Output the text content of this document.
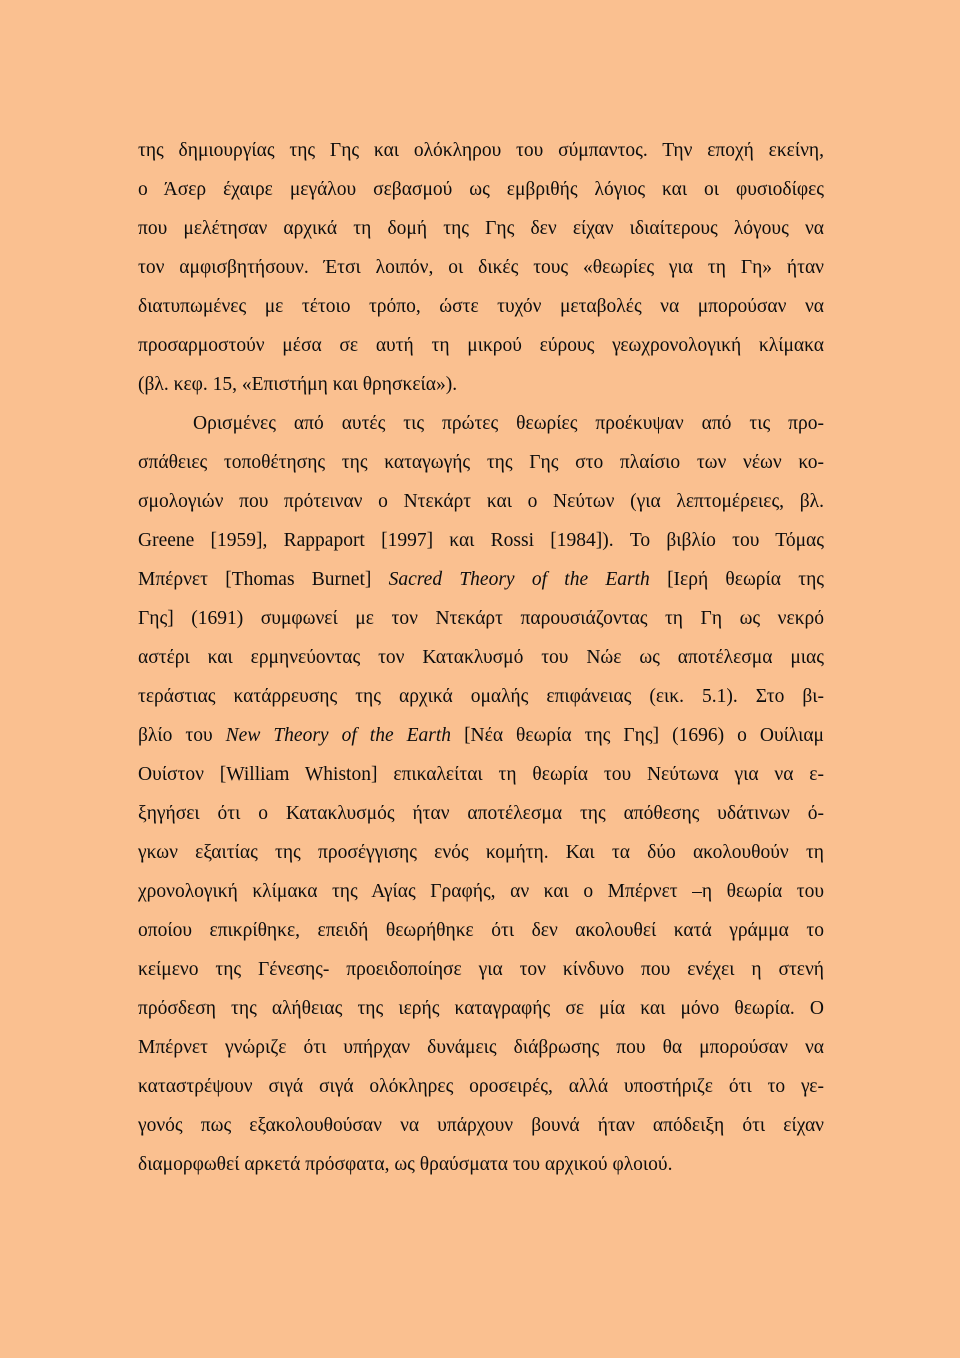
της δημιουργίας της Γης και ολόκληρου του σύμπαντος. Την εποχή εκείνη,
ο Άσερ έχαιρε μεγάλου σεβασμού ως εμβριθής λόγιος και οι φυσιοδίφες
που μελέτησαν αρχικά τη δομή της Γης δεν είχαν ιδιαίτερους λόγους να
τον αμφισβητήσουν. Έτσι λοιπόν, οι δικές τους «θεωρίες για τη Γη» ήταν
διατυπωμένες με τέτοιο τρόπο, ώστε τυχόν μεταβολές να μπορούσαν να
προσαρμοστούν μέσα σε αυτή τη μικρού εύρους γεωχρονολογική κλίμακα
(βλ. κεφ. 15, «Επιστήμη και θρησκεία»).
Ορισμένες από αυτές τις πρώτες θεωρίες προέκυψαν από τις προ-
σπάθειες τοποθέτησης της καταγωγής της Γης στο πλαίσιο των νέων κο-
σμολογιών που πρότειναν ο Ντεκάρτ και ο Νεύτων (για λεπτομέρειες, βλ.
Greene [1959], Rappaport [1997] και Rossi [1984]). Το βιβλίο του Τόμας
Μπέρνετ [Thomas Burnet] Sacred Theory of the Earth [Ιερή θεωρία της
Γης] (1691) συμφωνεί με τον Ντεκάρτ παρουσιάζοντας τη Γη ως νεκρό
αστέρι και ερμηνεύοντας τον Κατακλυσμό του Νώε ως αποτέλεσμα μιας
τεράστιας κατάρρευσης της αρχικά ομαλής επιφάνειας (εικ. 5.1). Στο βι-
βλίο του New Theory of the Earth [Νέα θεωρία της Γης] (1696) ο Ουίλιαμ
Ουίστον [William Whiston] επικαλείται τη θεωρία του Νεύτωνα για να ε-
ξηγήσει ότι ο Κατακλυσμός ήταν αποτέλεσμα της απόθεσης υδάτινων ό-
γκων εξαιτίας της προσέγγισης ενός κομήτη. Και τα δύο ακολουθούν τη
χρονολογική κλίμακα της Αγίας Γραφής, αν και ο Μπέρνετ –η θεωρία του
οποίου επικρίθηκε, επειδή θεωρήθηκε ότι δεν ακολουθεί κατά γράμμα το
κείμενο της Γένεσης- προειδοποίησε για τον κίνδυνο που ενέχει η στενή
πρόσδεση της αλήθειας της ιερής καταγραφής σε μία και μόνο θεωρία. Ο
Μπέρνετ γνώριζε ότι υπήρχαν δυνάμεις διάβρωσης που θα μπορούσαν να
καταστρέψουν σιγά σιγά ολόκληρες οροσειρές, αλλά υποστήριζε ότι το γε-
γονός πως εξακολουθούσαν να υπάρχουν βουνά ήταν απόδειξη ότι είχαν
διαμορφωθεί αρκετά πρόσφατα, ως θραύσματα του αρχικού φλοιού.
